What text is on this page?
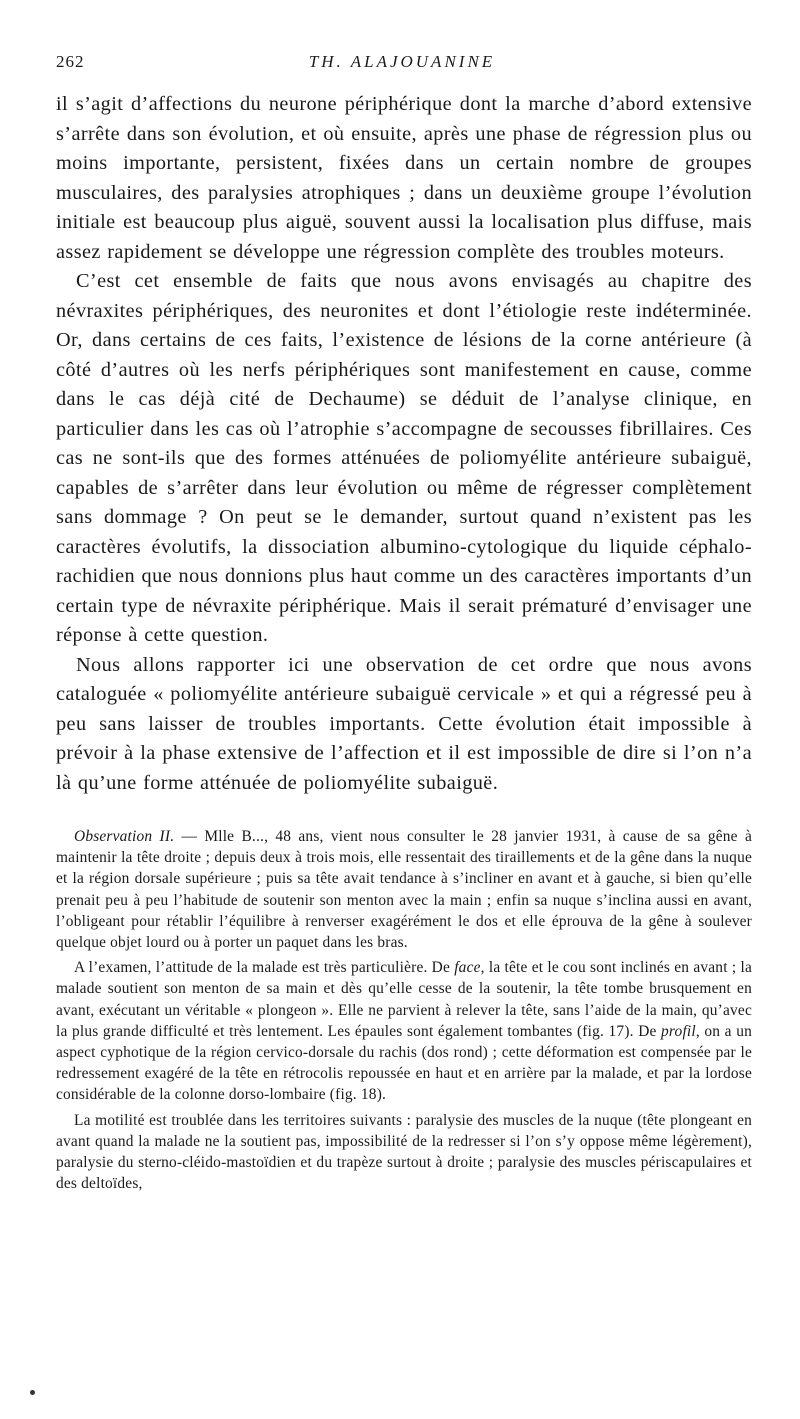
262	TH. ALAJOUANINE

il s’agit d’affections du neurone périphérique dont la marche d’abord extensive s’arrête dans son évolution, et où ensuite, après une phase de régression plus ou moins importante, persistent, fixées dans un certain nombre de groupes musculaires, des paralysies atrophiques ; dans un deuxième groupe l’évolution initiale est beaucoup plus aiguë, souvent aussi la localisation plus diffuse, mais assez rapidement se développe une régression complète des troubles moteurs.

C’est cet ensemble de faits que nous avons envisagés au chapitre des névraxites périphériques, des neuronites et dont l’étiologie reste indéterminée. Or, dans certains de ces faits, l’existence de lésions de la corne antérieure (à côté d’autres où les nerfs périphériques sont manifestement en cause, comme dans le cas déjà cité de Dechaume) se déduit de l’analyse clinique, en particulier dans les cas où l’atrophie s’accompagne de secousses fibrillaires. Ces cas ne sont-ils que des formes atténuées de poliomyélite antérieure subaiguë, capables de s’arrêter dans leur évolution ou même de régresser complètement sans dommage ? On peut se le demander, surtout quand n’existent pas les caractères évolutifs, la dissociation albumino-cytologique du liquide céphalo-rachidien que nous donnions plus haut comme un des caractères importants d’un certain type de névraxite périphérique. Mais il serait prématuré d’envisager une réponse à cette question.

Nous allons rapporter ici une observation de cet ordre que nous avons cataloguée « poliomyélite antérieure subaiguë cervicale » et qui a régressé peu à peu sans laisser de troubles importants. Cette évolution était impossible à prévoir à la phase extensive de l’affection et il est impossible de dire si l’on n’a là qu’une forme atténuée de poliomyélite subaiguë.

Observation II. — Mlle B..., 48 ans, vient nous consulter le 28 janvier 1931, à cause de sa gêne à maintenir la tête droite ; depuis deux à trois mois, elle ressentait des tiraillements et de la gêne dans la nuque et la région dorsale supérieure ; puis sa tête avait tendance à s’incliner en avant et à gauche, si bien qu’elle prenait peu à peu l’habitude de soutenir son menton avec la main ; enfin sa nuque s’inclina aussi en avant, l’obligeant pour rétablir l’équilibre à renverser exagérément le dos et elle éprouva de la gêne à soulever quelque objet lourd ou à porter un paquet dans les bras.

A l’examen, l’attitude de la malade est très particulière. De face, la tête et le cou sont inclinés en avant ; la malade soutient son menton de sa main et dès qu’elle cesse de la soutenir, la tête tombe brusquement en avant, exécutant un véritable « plongeon ». Elle ne parvient à relever la tête, sans l’aide de la main, qu’avec la plus grande difficulté et très lentement. Les épaules sont également tombantes (fig. 17). De profil, on a un aspect cyphotique de la région cervico-dorsale du rachis (dos rond) ; cette déformation est compensée par le redressement exagéré de la tête en rétrocolis repoussée en haut et en arrière par la malade, et par la lordose considérable de la colonne dorso-lombaire (fig. 18).

La motilité est troublée dans les territoires suivants : paralysie des muscles de la nuque (tête plongeant en avant quand la malade ne la soutient pas, impossibilité de la redresser si l’on s’y oppose même légèrement), paralysie du sterno-cléido-mastoïdien et du trapèze surtout à droite ; paralysie des muscles périscapulaires et des deltoïdes,
